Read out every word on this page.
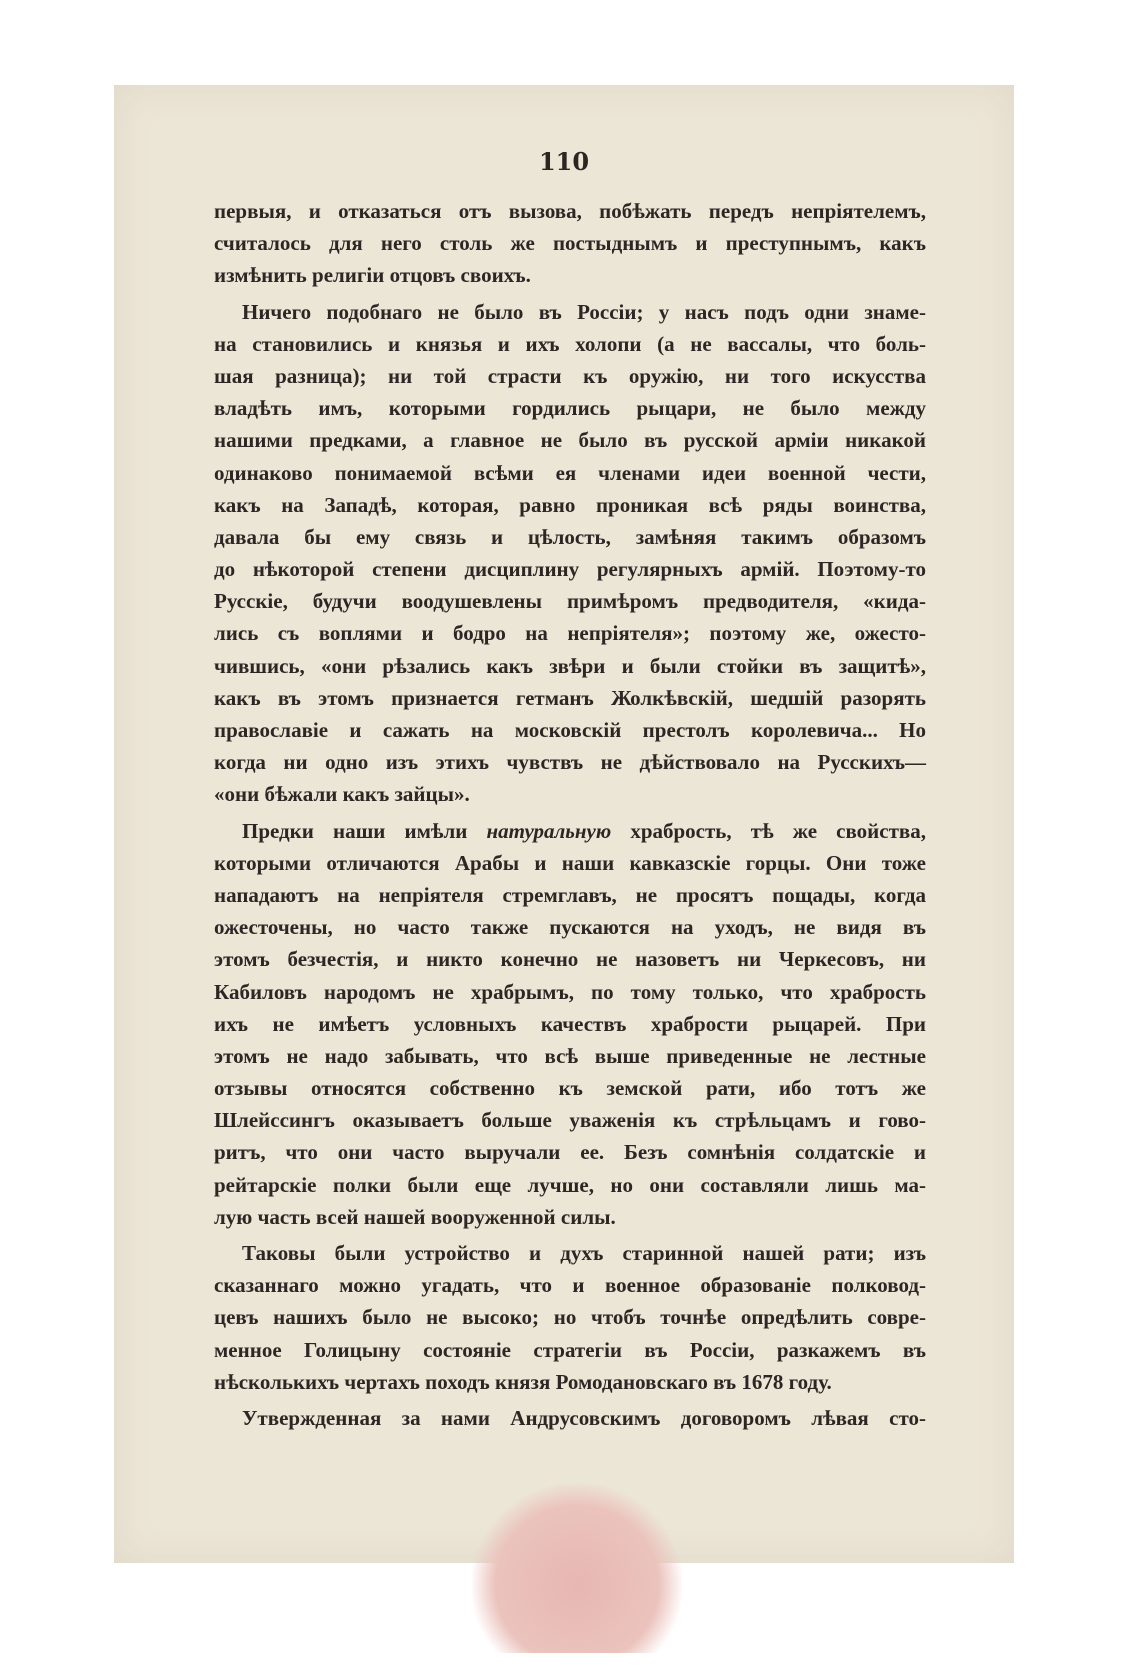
110
первыя, и отказаться отъ вызова, побѣжать передъ непріятелемъ,
считалось для него столь же постыднымъ и преступнымъ, какъ
измѣнить религіи отцовъ своихъ.
Ничего подобнаго не было въ Россіи; у насъ подъ одни знаме-
на становились и князья и ихъ холопи (а не вассалы, что боль-
шая разница); ни той страсти къ оружію, ни того искусства
владѣть имъ, которыми гордились рыцари, не было между
нашими предками, а главное не было въ русской арміи никакой
одинаково понимаемой всѣми ея членами идеи военной чести,
какъ на Западѣ, которая, равно проникая всѣ ряды воинства,
давала бы ему связь и цѣлость, замѣняя такимъ образомъ
до нѣкоторой степени дисциплину регулярныхъ армій. Поэтому-то
Русскіе, будучи воодушевлены примѣромъ предводителя, «кида-
лись съ воплями и бодро на непріятеля»; поэтому же, ожесто-
чившись, «они рѣзались какъ звѣри и были стойки въ защитѣ»,
какъ въ этомъ признается гетманъ Жолкѣвскій, шедшій разорять
православіе и сажать на московскій престолъ королевича... Но
когда ни одно изъ этихъ чувствъ не дѣйствовало на Русскихъ—
«они бѣжали какъ зайцы».
Предки наши имѣли натуральную храбрость, тѣ же свойства,
которыми отличаются Арабы и наши кавказскіе горцы. Они тоже
нападаютъ на непріятеля стремглавъ, не просятъ пощады, когда
ожесточены, но часто также пускаются на уходъ, не видя въ
этомъ безчестія, и никто конечно не назоветъ ни Черкесовъ, ни
Кабиловъ народомъ не храбрымъ, по тому только, что храбрость
ихъ не имѣетъ условныхъ качествъ храбрости рыцарей. При
этомъ не надо забывать, что всѣ выше приведенные не лестные
отзывы относятся собственно къ земской рати, ибо тотъ же
Шлейссингъ оказываетъ больше уваженія къ стрѣльцамъ и гово-
ритъ, что они часто выручали ее. Безъ сомнѣнія солдатскіе и
рейтарскіе полки были еще лучше, но они составляли лишь ма-
лую часть всей нашей вооруженной силы.
Таковы были устройство и духъ старинной нашей рати; изъ
сказаннаго можно угадать, что и военное образованіе полковод-
цевъ нашихъ было не высоко; но чтобъ точнѣе опредѣлить совре-
менное Голицыну состояніе стратегіи въ Россіи, разкажемъ въ
нѣсколькихъ чертахъ походъ князя Ромодановскаго въ 1678 году.
Утвержденная за нами Андрусовскимъ договоромъ лѣвая сто-
